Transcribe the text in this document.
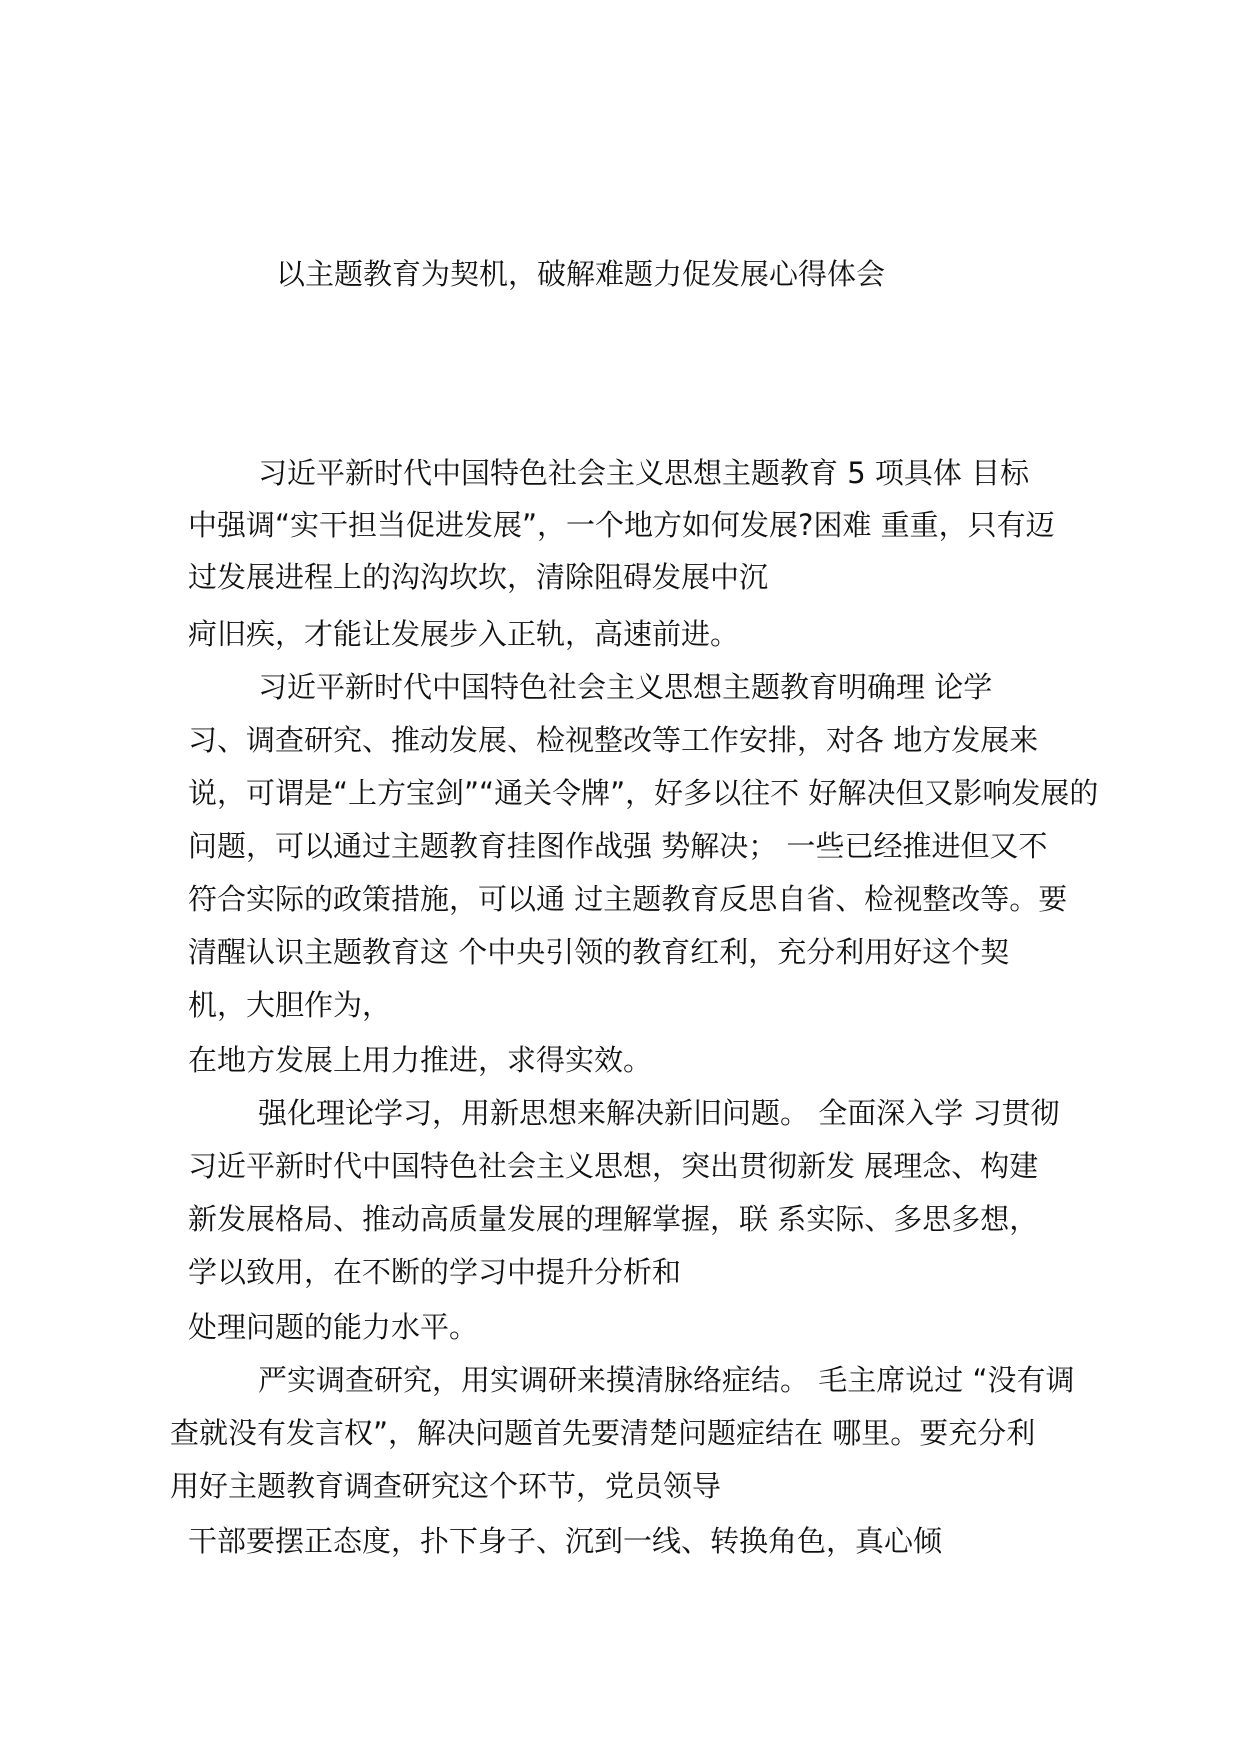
以主题教育为契机，破解难题力促发展心得体会
习近平新时代中国特色社会主义思想主题教育 5 项具体 目标
中强调“实干担当促进发展”，一个地方如何发展?困难 重重，只有迈
过发展进程上的沟沟坎坎，清除阻碍发展中沉
疴旧疾，才能让发展步入正轨，高速前进。
习近平新时代中国特色社会主义思想主题教育明确理 论学
习、调查研究、推动发展、检视整改等工作安排，对各 地方发展来
说，可谓是“上方宝剑”“通关令牌”，好多以往不 好解决但又影响发展的
问题，可以通过主题教育挂图作战强 势解决； 一些已经推进但又不
符合实际的政策措施，可以通 过主题教育反思自省、检视整改等。要
清醒认识主题教育这 个中央引领的教育红利，充分利用好这个契
机，大胆作为，
在地方发展上用力推进，求得实效。
强化理论学习，用新思想来解决新旧问题。 全面深入学 习贯彻
习近平新时代中国特色社会主义思想，突出贯彻新发 展理念、构建
新发展格局、推动高质量发展的理解掌握，联 系实际、多思多想，
学以致用，在不断的学习中提升分析和
处理问题的能力水平。
严实调查研究，用实调研来摸清脉络症结。 毛主席说过 “没有调
查就没有发言权”，解决问题首先要清楚问题症结在 哪里。要充分利
用好主题教育调查研究这个环节，党员领导
干部要摆正态度，扑下身子、沉到一线、转换角色，真心倾
